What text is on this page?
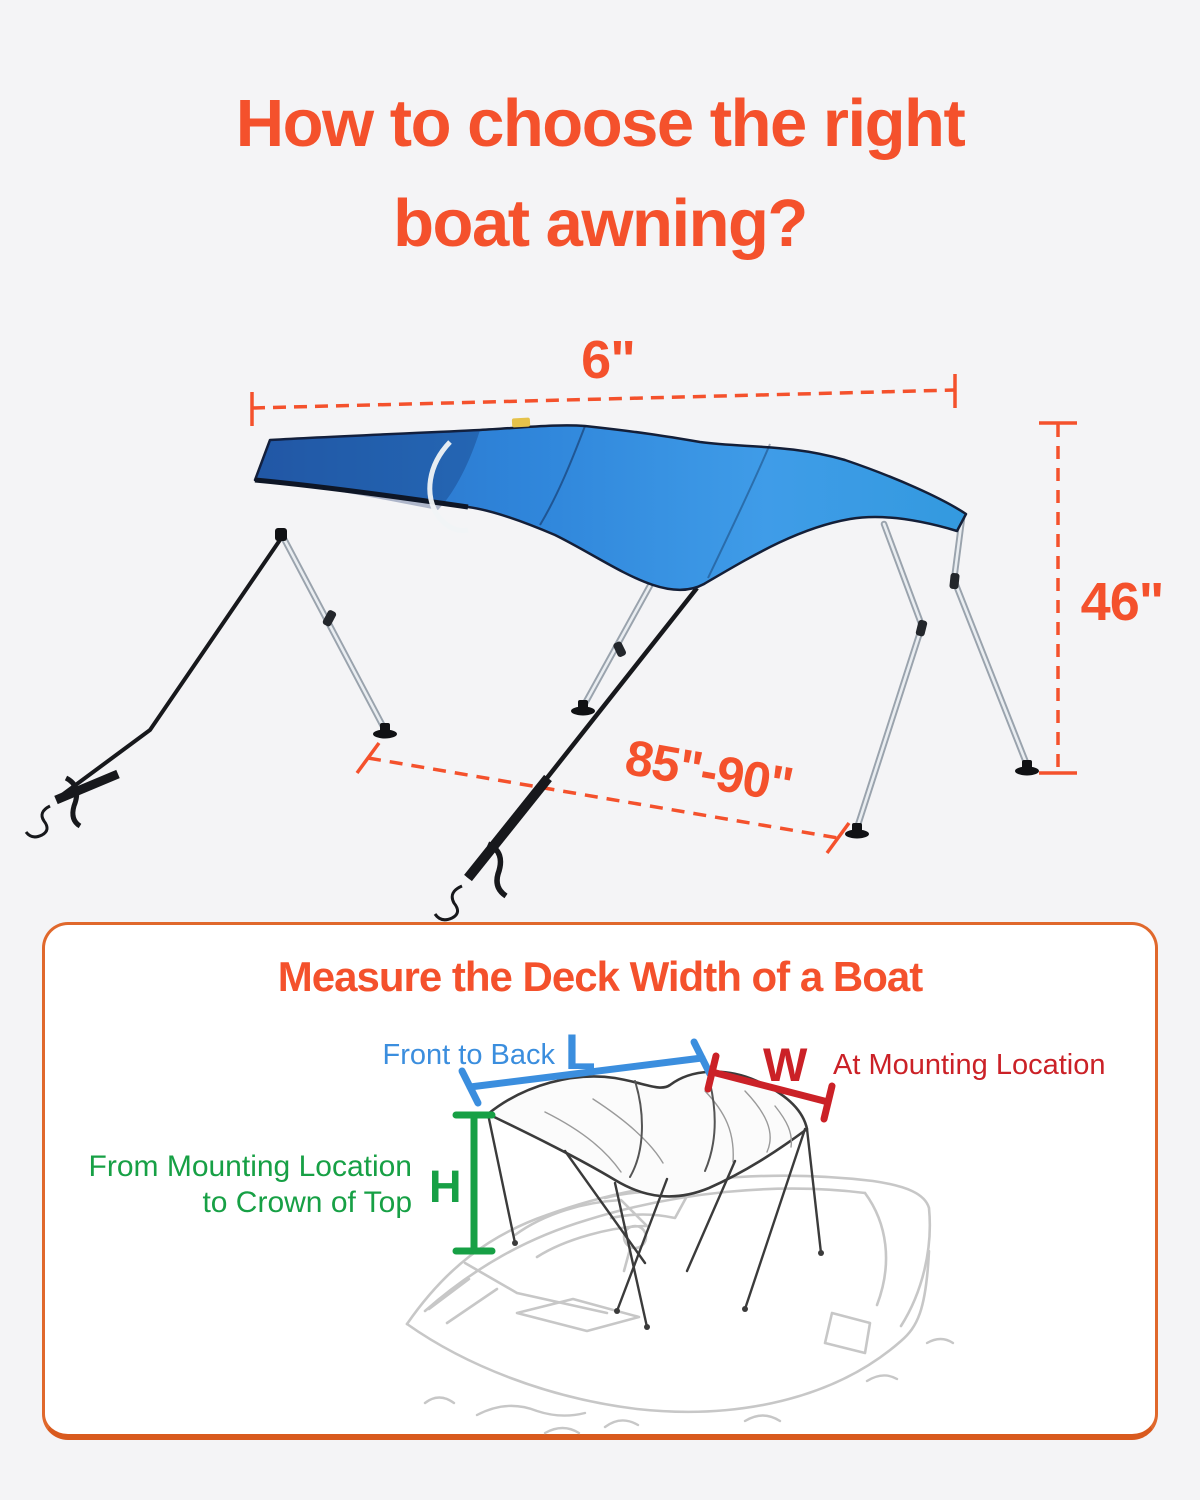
How to choose the right
boat awning?
6"
46"
85"-90"
Measure the Deck Width of a Boat
Front to Back L	W At Mounting Location
H
From Mounting Location
to Crown of Top
